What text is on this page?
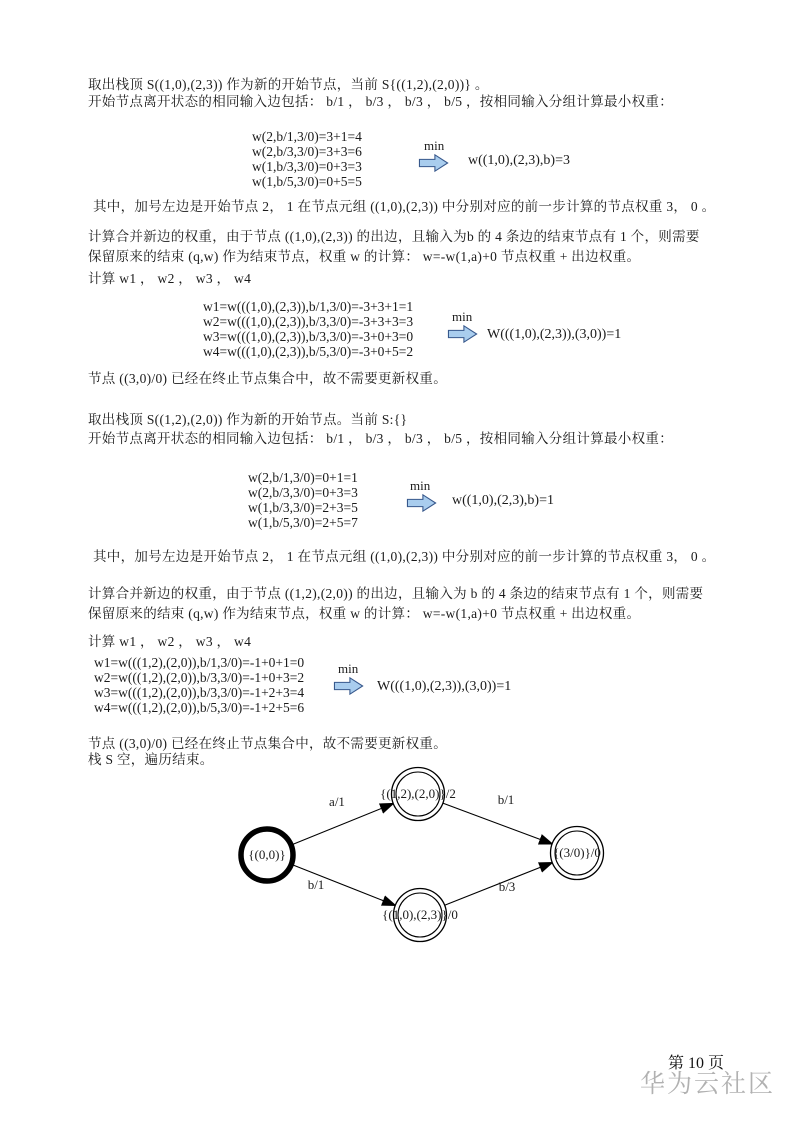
取出栈顶 S((1,0),(2,3)) 作为新的开始节点，当前 S{((1,2),(2,0))} 。
开始节点离开状态的相同输入边包括： b/1 ， b/3 ， b/3 ， b/5 ，按相同输入分组计算最小权重：
w(2,b/1,3/0)=3+1=4
w(2,b/3,3/0)=3+3=6
w(1,b/3,3/0)=0+3=3
w(1,b/5,3/0)=0+5=5
min
w((1,0),(2,3),b)=3
其中，加号左边是开始节点 2， 1 在节点元组 ((1,0),(2,3)) 中分别对应的前一步计算的节点权重 3， 0 。
计算合并新边的权重，由于节点 ((1,0),(2,3)) 的出边，且输入为b 的 4 条边的结束节点有 1 个，则需要
保留原来的结束 (q,w) 作为结束节点，权重 w 的计算： w=-w(1,a)+0 节点权重 + 出边权重。
计算 w1 ， w2 ， w3 ， w4
w1=w(((1,0),(2,3)),b/1,3/0)=-3+3+1=1
w2=w(((1,0),(2,3)),b/3,3/0)=-3+3+3=3
w3=w(((1,0),(2,3)),b/3,3/0)=-3+0+3=0
w4=w(((1,0),(2,3)),b/5,3/0)=-3+0+5=2
min
W(((1,0),(2,3)),(3,0))=1
节点 ((3,0)/0) 已经在终止节点集合中，故不需要更新权重。
取出栈顶 S((1,2),(2,0)) 作为新的开始节点。当前 S:{}
开始节点离开状态的相同输入边包括： b/1 ， b/3 ， b/3 ， b/5 ，按相同输入分组计算最小权重：
w(2,b/1,3/0)=0+1=1
w(2,b/3,3/0)=0+3=3
w(1,b/3,3/0)=2+3=5
w(1,b/5,3/0)=2+5=7
min
w((1,0),(2,3),b)=1
其中，加号左边是开始节点 2， 1 在节点元组 ((1,0),(2,3)) 中分别对应的前一步计算的节点权重 3， 0 。
计算合并新边的权重，由于节点 ((1,2),(2,0)) 的出边，且输入为 b 的 4 条边的结束节点有 1 个，则需要
保留原来的结束 (q,w) 作为结束节点，权重 w 的计算： w=-w(1,a)+0 节点权重 + 出边权重。
计算 w1 ， w2 ， w3 ， w4
w1=w(((1,2),(2,0)),b/1,3/0)=-1+0+1=0
w2=w(((1,2),(2,0)),b/3,3/0)=-1+0+3=2
w3=w(((1,2),(2,0)),b/3,3/0)=-1+2+3=4
w4=w(((1,2),(2,0)),b/5,3/0)=-1+2+5=6
min
W(((1,0),(2,3)),(3,0))=1
节点 ((3,0)/0) 已经在终止节点集合中，故不需要更新权重。
栈 S 空，遍历结束。
a/1
b/1
b/1
b/3
{(0,0)}
{(1,2),(2,0)}/2
{(1,0),(2,3)}/0
{(3/0)}/0
第 10 页
华为云社区
